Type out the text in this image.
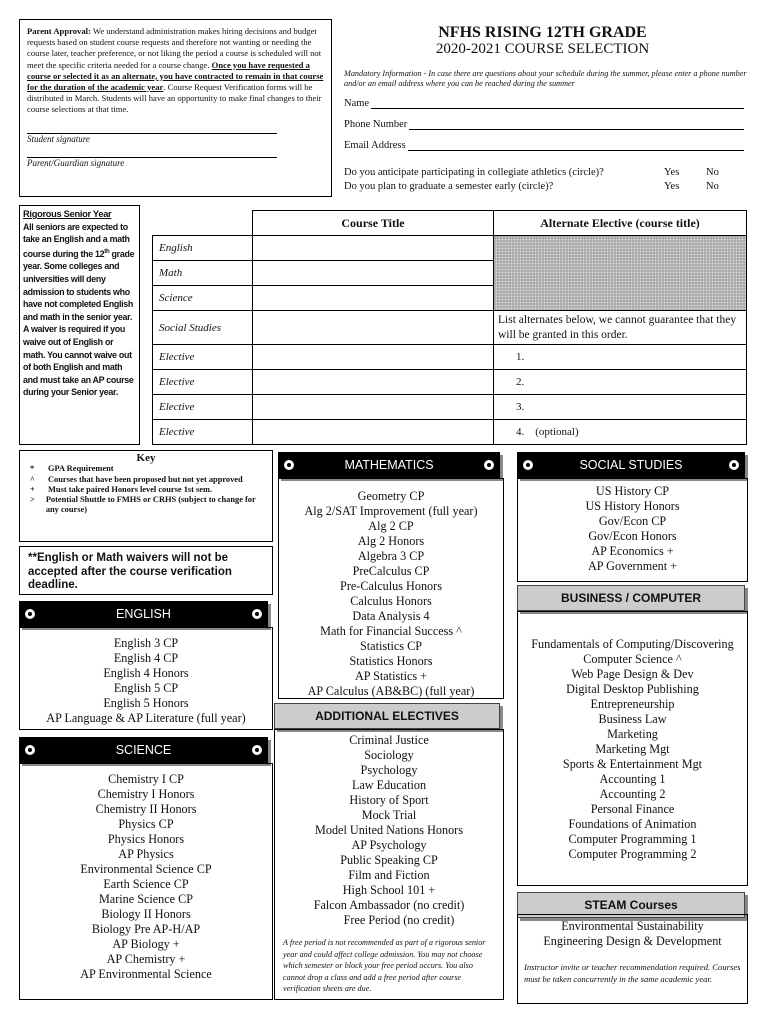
Parent Approval: We understand administration makes hiring decisions and budget requests based on student course requests and therefore not wanting or needing the course later, teacher preference, or not liking the period a course is scheduled will not meet the specific criteria needed for a course change. Once you have requested a course or selected it as an alternate, you have contracted to remain in that course for the duration of the academic year. Course Request Verification forms will be distributed in March. Students will have an opportunity to make final changes to their course selections at that time.
Student signature
Parent/Guardian signature
NFHS RISING 12TH GRADE
2020-2021 COURSE SELECTION
Mandatory Information - In case there are questions about your schedule during the summer, please enter a phone number and/or an email address where you can be reached during the summer
Name
Phone Number
Email Address
Do you anticipate participating in collegiate athletics (circle)?	Yes	No
Do you plan to graduate a semester early (circle)?	Yes	No
Rigorous Senior Year
All seniors are expected to take an English and a math course during the 12th grade year. Some colleges and universities will deny admission to students who have not completed English and math in the senior year. A waiver is required if you waive out of English or math. You cannot waive out of both English and math and must take an AP course during your Senior year.
	Course Title	Alternate Elective (course title)
English		
Math		
Science		
Social Studies		List alternates below, we cannot guarantee that they will be granted in this order.
Elective		1.
Elective		2.
Elective		3.
Elective		4.    (optional)
Key
*	GPA Requirement
^	Courses that have been proposed but not yet approved
+	Must take paired Honors level course 1st sem.
>	Potential Shuttle to FMHS or CRHS (subject to change for any course)
**English or Math waivers will not be accepted after the course verification deadline.
ENGLISH
English 3 CP
English 4 CP
English 4 Honors
English 5 CP
English 5 Honors
AP Language & AP Literature (full year)
SCIENCE
Chemistry I CP
Chemistry I Honors
Chemistry II Honors
Physics CP
Physics Honors
AP Physics
Environmental Science CP
Earth Science CP
Marine Science CP
Biology II Honors
Biology Pre AP-H/AP
AP Biology +
AP Chemistry +
AP Environmental Science
MATHEMATICS
Geometry CP
Alg 2/SAT Improvement (full year)
Alg 2 CP
Alg 2 Honors
Algebra 3 CP
PreCalculus CP
Pre-Calculus Honors
Calculus Honors
Data Analysis 4
Math for Financial Success ^
Statistics CP
Statistics Honors
AP Statistics +
AP Calculus (AB&BC) (full year)
ADDITIONAL ELECTIVES
Criminal Justice
Sociology
Psychology
Law Education
History of Sport
Mock Trial
Model United Nations Honors
AP Psychology
Public Speaking CP
Film and Fiction
High School 101 +
Falcon Ambassador (no credit)
Free Period (no credit)
A free period is not recommended as part of a rigorous senior year and could affect college admission. You may not choose which semester or block your free period occurs. You also cannot drop a class and add a free period after course verification sheets are due.
SOCIAL STUDIES
US History CP
US History Honors
Gov/Econ CP
Gov/Econ Honors
AP Economics +
AP Government +
BUSINESS / COMPUTER
Fundamentals of Computing/Discovering Computer Science ^
Web Page Design & Dev
Digital Desktop Publishing
Entrepreneurship
Business Law
Marketing
Marketing Mgt
Sports & Entertainment Mgt
Accounting 1
Accounting 2
Personal Finance
Foundations of Animation
Computer Programming 1
Computer Programming 2
STEAM Courses
Environmental Sustainability
Engineering Design & Development
Instructor invite or teacher recommendation required. Courses must be taken concurrently in the same academic year.
